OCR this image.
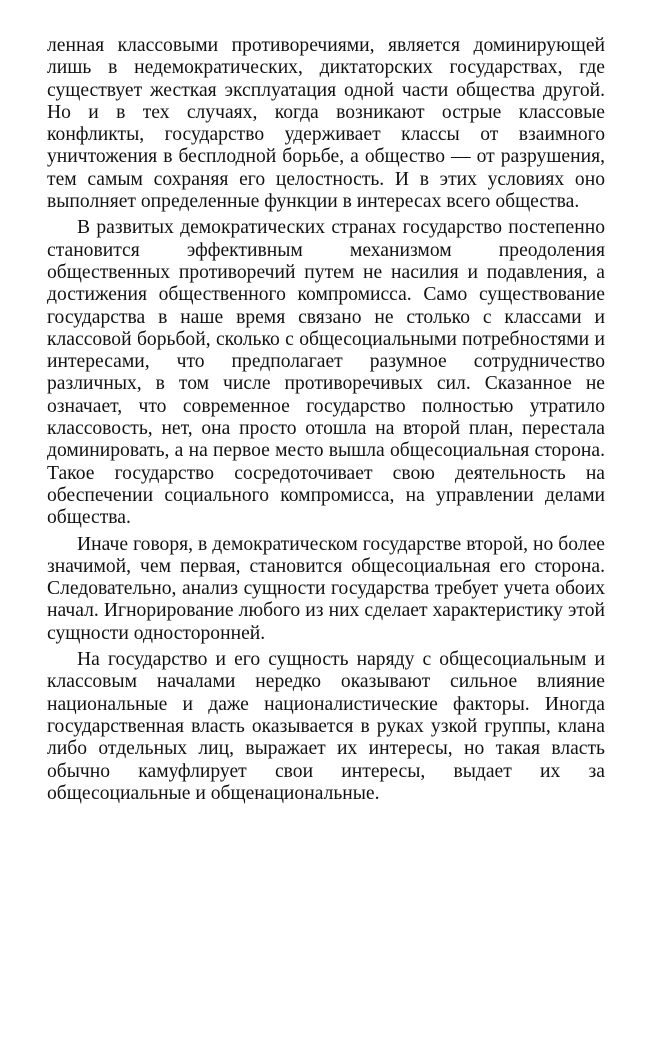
ленная классовыми противоречиями, является доминирующей лишь в недемократических, диктаторских государствах, где существует жесткая эксплуатация одной части общества другой. Но и в тех случаях, когда возникают острые классовые конфликты, государство удерживает классы от взаимного уничтожения в бесплодной борьбе, а общество — от разрушения, тем самым сохраняя его целостность. И в этих условиях оно выполняет определенные функции в интересах всего общества.

В развитых демократических странах государство постепенно становится эффективным механизмом преодоления общественных противоречий путем не насилия и подавления, а достижения общественного компромисса. Само существование государства в наше время связано не столько с классами и классовой борьбой, сколько с общесоциальными потребностями и интересами, что предполагает разумное сотрудничество различных, в том числе противоречивых сил. Сказанное не означает, что современное государство полностью утратило классовость, нет, она просто отошла на второй план, перестала доминировать, а на первое место вышла общесоциальная сторона. Такое государство сосредоточивает свою деятельность на обеспечении социального компромисса, на управлении делами общества.

Иначе говоря, в демократическом государстве второй, но более значимой, чем первая, становится общесоциальная его сторона. Следовательно, анализ сущности государства требует учета обоих начал. Игнорирование любого из них сделает характеристику этой сущности односторонней.

На государство и его сущность наряду с общесоциальным и классовым началами нередко оказывают сильное влияние национальные и даже националистические факторы. Иногда государственная власть оказывается в руках узкой группы, клана либо отдельных лиц, выражает их интересы, но такая власть обычно камуфлирует свои интересы, выдает их за общесоциальные и общенациональные.
